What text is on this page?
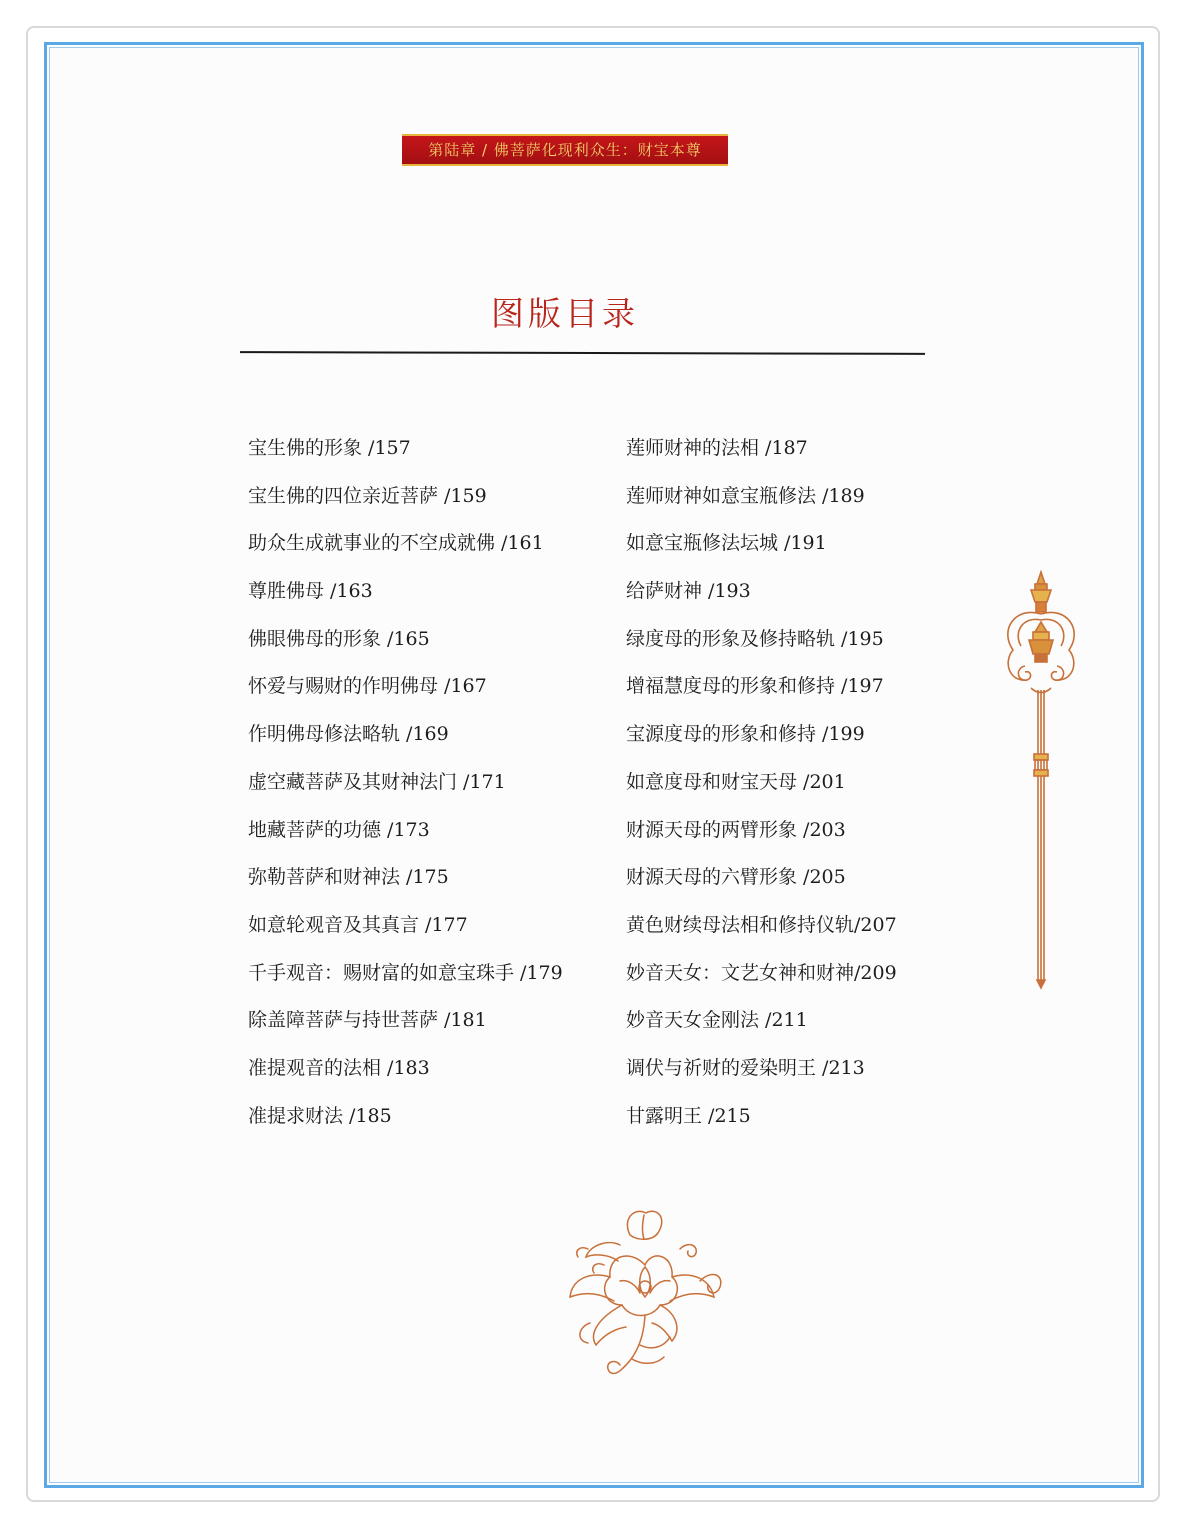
第陆章 / 佛菩萨化现利众生：财宝本尊
图版目录
宝生佛的形象 /157
宝生佛的四位亲近菩萨 /159
助众生成就事业的不空成就佛 /161
尊胜佛母 /163
佛眼佛母的形象 /165
怀爱与赐财的作明佛母 /167
作明佛母修法略轨 /169
虚空藏菩萨及其财神法门 /171
地藏菩萨的功德 /173
弥勒菩萨和财神法 /175
如意轮观音及其真言 /177
千手观音：赐财富的如意宝珠手 /179
除盖障菩萨与持世菩萨 /181
准提观音的法相 /183
准提求财法 /185
莲师财神的法相 /187
莲师财神如意宝瓶修法 /189
如意宝瓶修法坛城 /191
给萨财神 /193
绿度母的形象及修持略轨 /195
增福慧度母的形象和修持 /197
宝源度母的形象和修持 /199
如意度母和财宝天母 /201
财源天母的两臂形象 /203
财源天母的六臂形象 /205
黄色财续母法相和修持仪轨/207
妙音天女：文艺女神和财神/209
妙音天女金刚法 /211
调伏与祈财的爱染明王 /213
甘露明王 /215
